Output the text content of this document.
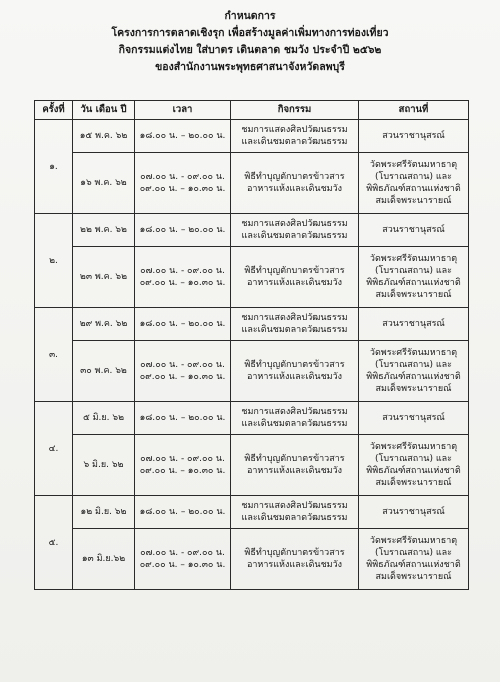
กำหนดการ
โครงการการตลาดเชิงรุก เพื่อสร้างมูลค่าเพิ่มทางการท่องเที่ยว
กิจกรรมแต่งไทย ใส่บาตร เดินตลาด ชมวัง ประจำปี ๒๕๖๒
ของสำนักงานพระพุทธศาสนาจังหวัดลพบุรี
ครั้งที่	วัน เดือน ปี	เวลา	กิจกรรม	สถานที่
๑.	๑๕ พ.ค. ๖๒	๑๘.๐๐ น. – ๒๐.๐๐ น.	ชมการแสดงศิลปวัฒนธรรม
และเดินชมตลาดวัฒนธรรม	สวนราชานุสรณ์

	๑๖ พ.ค. ๖๒	๐๗.๐๐ น. - ๐๙.๐๐ น.
๐๙.๐๐ น. – ๑๐.๓๐ น.	พิธีทำบุญตักบาตรข้าวสาร
อาหารแห้งและเดินชมวัง	วัดพระศรีรัตนมหาธาตุ
(โบราณสถาน) และ
พิพิธภัณฑ์สถานแห่งชาติ
สมเด็จพระนารายณ์

๒.	๒๒ พ.ค. ๖๒	๑๘.๐๐ น. – ๒๐.๐๐ น.	ชมการแสดงศิลปวัฒนธรรม
และเดินชมตลาดวัฒนธรรม	สวนราชานุสรณ์

	๒๓ พ.ค. ๖๒	๐๗.๐๐ น. - ๐๙.๐๐ น.
๐๙.๐๐ น. – ๑๐.๓๐ น.	พิธีทำบุญตักบาตรข้าวสาร
อาหารแห้งและเดินชมวัง	วัดพระศรีรัตนมหาธาตุ
(โบราณสถาน) และ
พิพิธภัณฑ์สถานแห่งชาติ
สมเด็จพระนารายณ์

๓.	๒๙ พ.ค. ๖๒	๑๘.๐๐ น. – ๒๐.๐๐ น.	ชมการแสดงศิลปวัฒนธรรม
และเดินชมตลาดวัฒนธรรม	สวนราชานุสรณ์

	๓๐ พ.ค. ๖๒	๐๗.๐๐ น. - ๐๙.๐๐ น.
๐๙.๐๐ น. – ๑๐.๓๐ น.	พิธีทำบุญตักบาตรข้าวสาร
อาหารแห้งและเดินชมวัง	วัดพระศรีรัตนมหาธาตุ
(โบราณสถาน) และ
พิพิธภัณฑ์สถานแห่งชาติ
สมเด็จพระนารายณ์

๔.	๕ มิ.ย. ๖๒	๑๘.๐๐ น. – ๒๐.๐๐ น.	ชมการแสดงศิลปวัฒนธรรม
และเดินชมตลาดวัฒนธรรม	สวนราชานุสรณ์

	๖ มิ.ย. ๖๒	๐๗.๐๐ น. - ๐๙.๐๐ น.
๐๙.๐๐ น. – ๑๐.๓๐ น.	พิธีทำบุญตักบาตรข้าวสาร
อาหารแห้งและเดินชมวัง	วัดพระศรีรัตนมหาธาตุ
(โบราณสถาน) และ
พิพิธภัณฑ์สถานแห่งชาติ
สมเด็จพระนารายณ์

๕.	๑๒ มิ.ย. ๖๒	๑๘.๐๐ น. – ๒๐.๐๐ น.	ชมการแสดงศิลปวัฒนธรรม
และเดินชมตลาดวัฒนธรรม	สวนราชานุสรณ์

	๑๓ มิ.ย.๖๒	๐๗.๐๐ น. - ๐๙.๐๐ น.
๐๙.๐๐ น. – ๑๐.๓๐ น.	พิธีทำบุญตักบาตรข้าวสาร
อาหารแห้งและเดินชมวัง	วัดพระศรีรัตนมหาธาตุ
(โบราณสถาน) และ
พิพิธภัณฑ์สถานแห่งชาติ
สมเด็จพระนารายณ์
